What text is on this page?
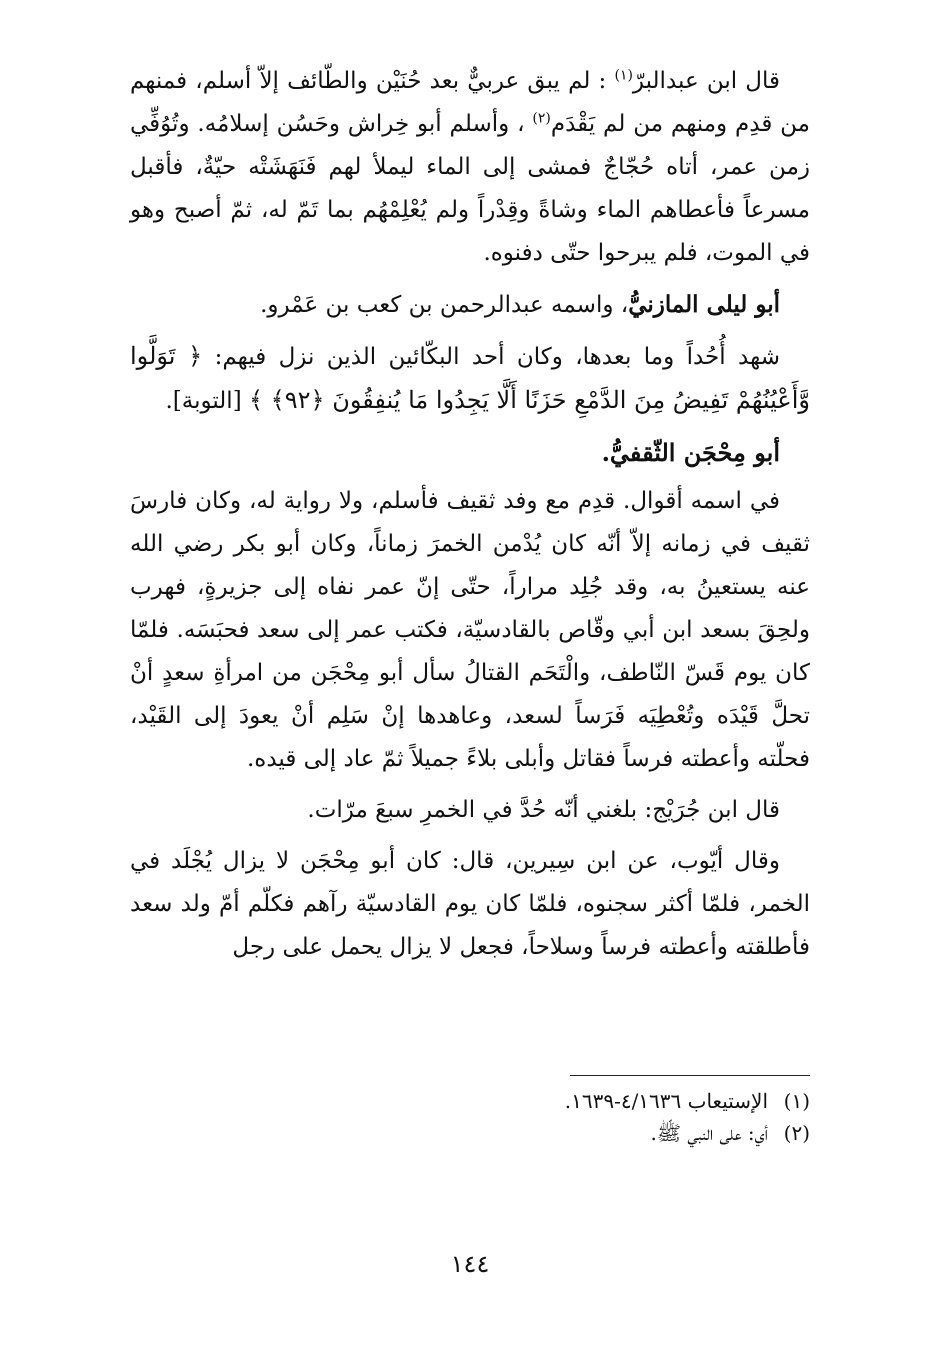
قال ابن عبدالبرّ$^{(١)}$ : لم يبق عربيٌّ بعد حُنَيْن والطّائف إلاّ أسلم، فمنهم من قدِم ومنهم من لم يَقْدَم$^{(٢)}$ ، وأسلم أبو خِراش وحَسُن إسلامُه. وتُوُفِّي زمن عمر، أتاه حُجّاجٌ فمشى إلى الماء ليملأ لهم فَنَهَشَتْه حيّةٌ، فأقبل مسرعاً فأعطاهم الماء وشاةً وقِدْراً ولم يُعْلِمْهُم بما تَمّ له، ثمّ أصبح وهو في الموت، فلم يبرحوا حتّى دفنوه.

أبو ليلى المازنيُّ، واسمه عبدالرحمن بن كعب بن عَمْرو.

شهد أُحُداً وما بعدها، وكان أحد البكّائين الذين نزل فيهم: ﴿ تَوَلَّوا وَّأَعْيُنُهُمْ تَفِيضُ مِنَ الدَّمْعِ حَزَنًا أَلَّا يَجِدُوا مَا يُنفِقُونَ ﴿٩٢﴾ ﴾ [التوبة].

أبو مِحْجَن الثّقفيُّ.

في اسمه أقوال. قدِم مع وفد ثقيف فأسلم، ولا رواية له، وكان فارسَ ثقيف في زمانه إلاّ أنّه كان يُدْمن الخمرَ زماناً، وكان أبو بكر رضي الله عنه يستعينُ به، وقد جُلِد مراراً، حتّى إنّ عمر نفاه إلى جزيرةٍ، فهرب ولحِقَ بسعد ابن أبي وقّاص بالقادسيّة، فكتب عمر إلى سعد فحبَسَه. فلمّا كان يوم قَسّ النّاطف، والْتَحَم القتالُ سأل أبو مِحْجَن من امرأةِ سعدٍ أنْ تحلَّ قَيْدَه وتُعْطِيَه فَرَساً لسعد، وعاهدها إنْ سَلِم أنْ يعودَ إلى القَيْد، فحلّته وأعطته فرساً فقاتل وأبلى بلاءً جميلاً ثمّ عاد إلى قيده.

قال ابن جُرَيْج: بلغني أنّه حُدَّ في الخمرِ سبعَ مرّات.

وقال أيّوب، عن ابن سِيرين، قال: كان أبو مِحْجَن لا يزال يُجْلَد في الخمر، فلمّا أكثر سجنوه، فلمّا كان يوم القادسيّة رآهم فكلّم أمّ ولد سعد فأطلقته وأعطته فرساً وسلاحاً، فجعل لا يزال يحمل على رجل

(١)الإستيعاب ٤/١٦٣٦-١٦٣٩.
(٢)أي: على النبي ﷺ.
١٤٤
